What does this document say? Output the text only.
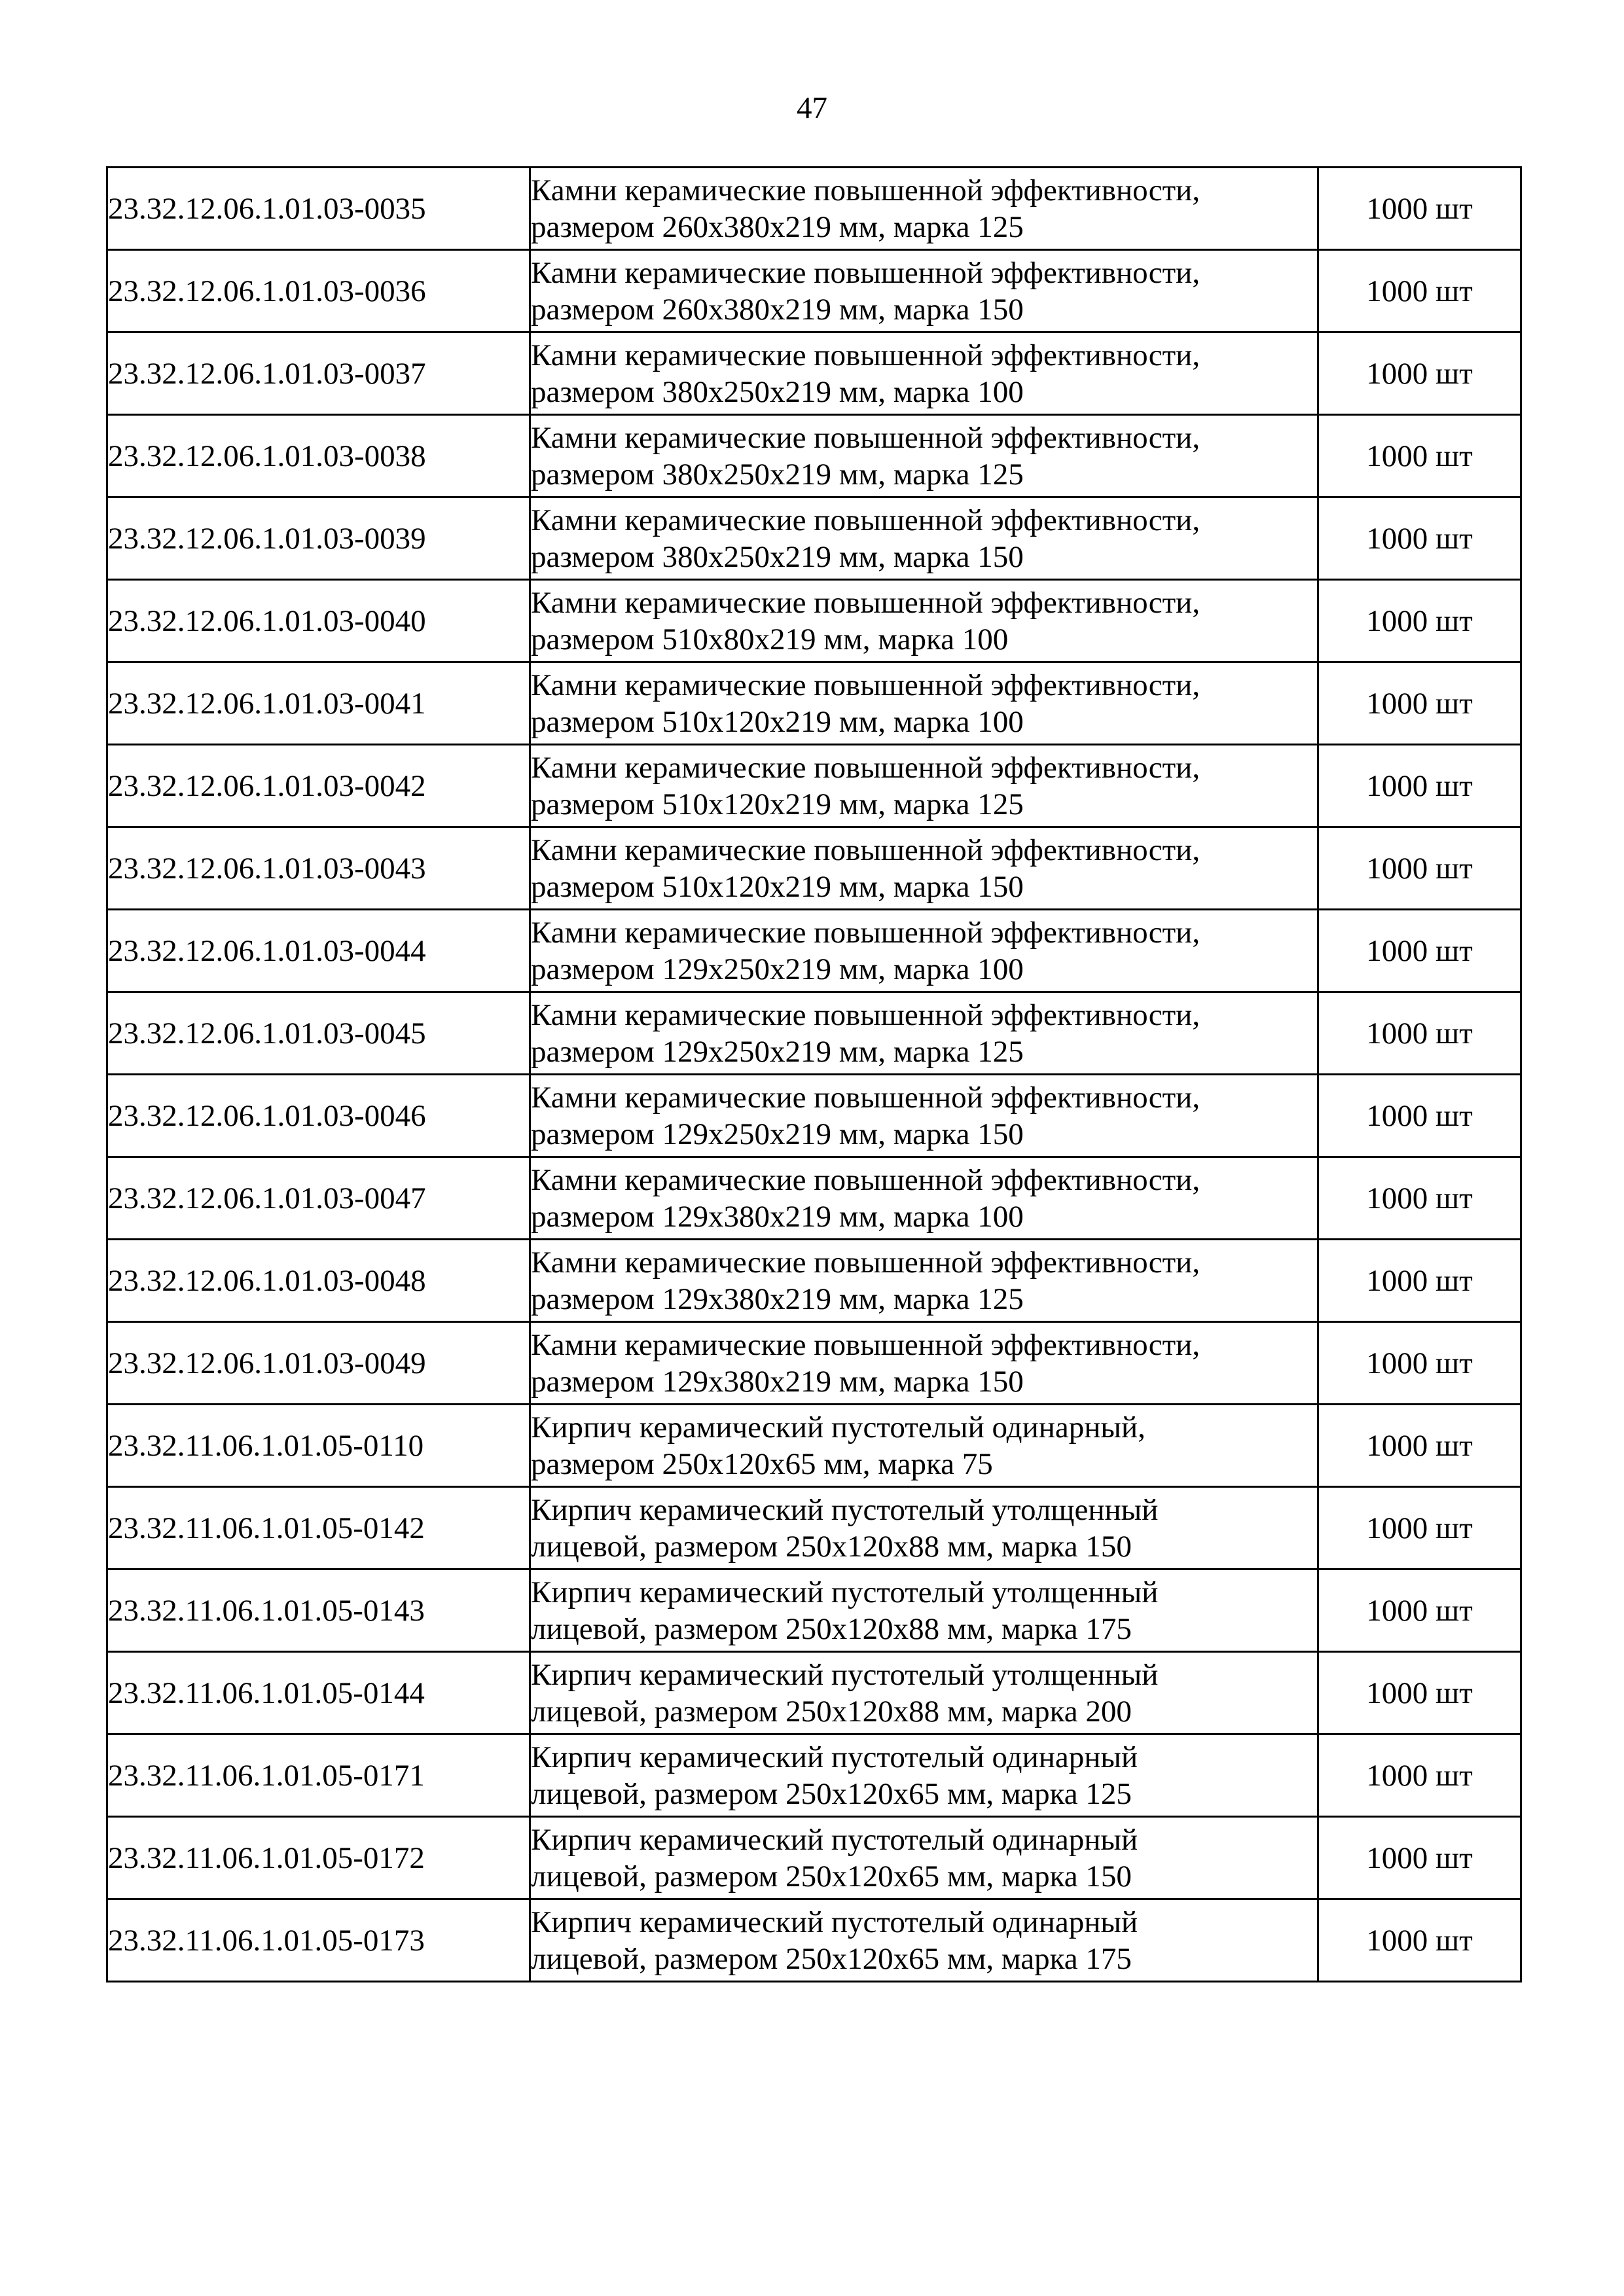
47
23.32.12.06.1.01.03-0035	Камни керамические повышенной эффективности,
размером 260х380х219 мм, марка 125	1000 шт
23.32.12.06.1.01.03-0036	Камни керамические повышенной эффективности,
размером 260х380х219 мм, марка 150	1000 шт
23.32.12.06.1.01.03-0037	Камни керамические повышенной эффективности,
размером 380х250х219 мм, марка 100	1000 шт
23.32.12.06.1.01.03-0038	Камни керамические повышенной эффективности,
размером 380х250х219 мм, марка 125	1000 шт
23.32.12.06.1.01.03-0039	Камни керамические повышенной эффективности,
размером 380х250х219 мм, марка 150	1000 шт
23.32.12.06.1.01.03-0040	Камни керамические повышенной эффективности,
размером 510х80х219 мм, марка 100	1000 шт
23.32.12.06.1.01.03-0041	Камни керамические повышенной эффективности,
размером 510х120х219 мм, марка 100	1000 шт
23.32.12.06.1.01.03-0042	Камни керамические повышенной эффективности,
размером 510х120х219 мм, марка 125	1000 шт
23.32.12.06.1.01.03-0043	Камни керамические повышенной эффективности,
размером 510х120х219 мм, марка 150	1000 шт
23.32.12.06.1.01.03-0044	Камни керамические повышенной эффективности,
размером 129х250х219 мм, марка 100	1000 шт
23.32.12.06.1.01.03-0045	Камни керамические повышенной эффективности,
размером 129х250х219 мм, марка 125	1000 шт
23.32.12.06.1.01.03-0046	Камни керамические повышенной эффективности,
размером 129х250х219 мм, марка 150	1000 шт
23.32.12.06.1.01.03-0047	Камни керамические повышенной эффективности,
размером 129х380х219 мм, марка 100	1000 шт
23.32.12.06.1.01.03-0048	Камни керамические повышенной эффективности,
размером 129х380х219 мм, марка 125	1000 шт
23.32.12.06.1.01.03-0049	Камни керамические повышенной эффективности,
размером 129х380х219 мм, марка 150	1000 шт
23.32.11.06.1.01.05-0110	Кирпич керамический пустотелый одинарный,
размером 250х120х65 мм, марка 75	1000 шт
23.32.11.06.1.01.05-0142	Кирпич керамический пустотелый утолщенный
лицевой, размером 250х120х88 мм, марка 150	1000 шт
23.32.11.06.1.01.05-0143	Кирпич керамический пустотелый утолщенный
лицевой, размером 250х120х88 мм, марка 175	1000 шт
23.32.11.06.1.01.05-0144	Кирпич керамический пустотелый утолщенный
лицевой, размером 250х120х88 мм, марка 200	1000 шт
23.32.11.06.1.01.05-0171	Кирпич керамический пустотелый одинарный
лицевой, размером 250х120х65 мм, марка 125	1000 шт
23.32.11.06.1.01.05-0172	Кирпич керамический пустотелый одинарный
лицевой, размером 250х120х65 мм, марка 150	1000 шт
23.32.11.06.1.01.05-0173	Кирпич керамический пустотелый одинарный
лицевой, размером 250х120х65 мм, марка 175	1000 шт
